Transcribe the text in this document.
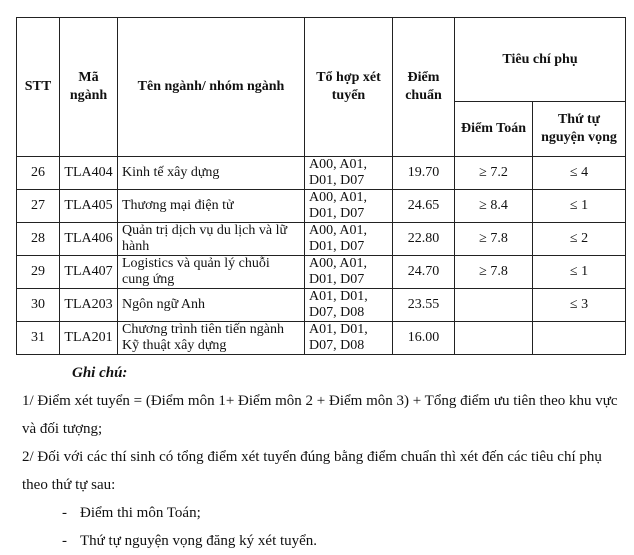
STT	Mã ngành	Tên ngành/ nhóm ngành	Tổ hợp xét tuyển	Điểm chuẩn	Tiêu chí phụ	
					Điểm Toán	Thứ tự nguyện vọng
26	TLA404	Kinh tế xây dựng	A00, A01, D01, D07	19.70	≥ 7.2	≤ 4
27	TLA405	Thương mại điện tử	A00, A01, D01, D07	24.65	≥ 8.4	≤ 1
28	TLA406	Quản trị dịch vụ du lịch và lữ hành	A00, A01, D01, D07	22.80	≥ 7.8	≤ 2
29	TLA407	Logistics và quản lý chuỗi cung ứng	A00, A01, D01, D07	24.70	≥ 7.8	≤ 1
30	TLA203	Ngôn ngữ Anh	A01, D01, D07, D08	23.55		≤ 3
31	TLA201	Chương trình tiên tiến ngành Kỹ thuật xây dựng	A01, D01, D07, D08	16.00		

Ghi chú:

1/ Điểm xét tuyển = (Điểm môn 1+ Điểm môn 2 + Điểm môn 3) + Tổng điểm ưu tiên theo khu vực và đối tượng;

2/ Đối với các thí sinh có tổng điểm xét tuyển đúng bằng điểm chuẩn thì xét đến các tiêu chí phụ theo thứ tự sau:

- Điểm thi môn Toán;

- Thứ tự nguyện vọng đăng ký xét tuyển.
